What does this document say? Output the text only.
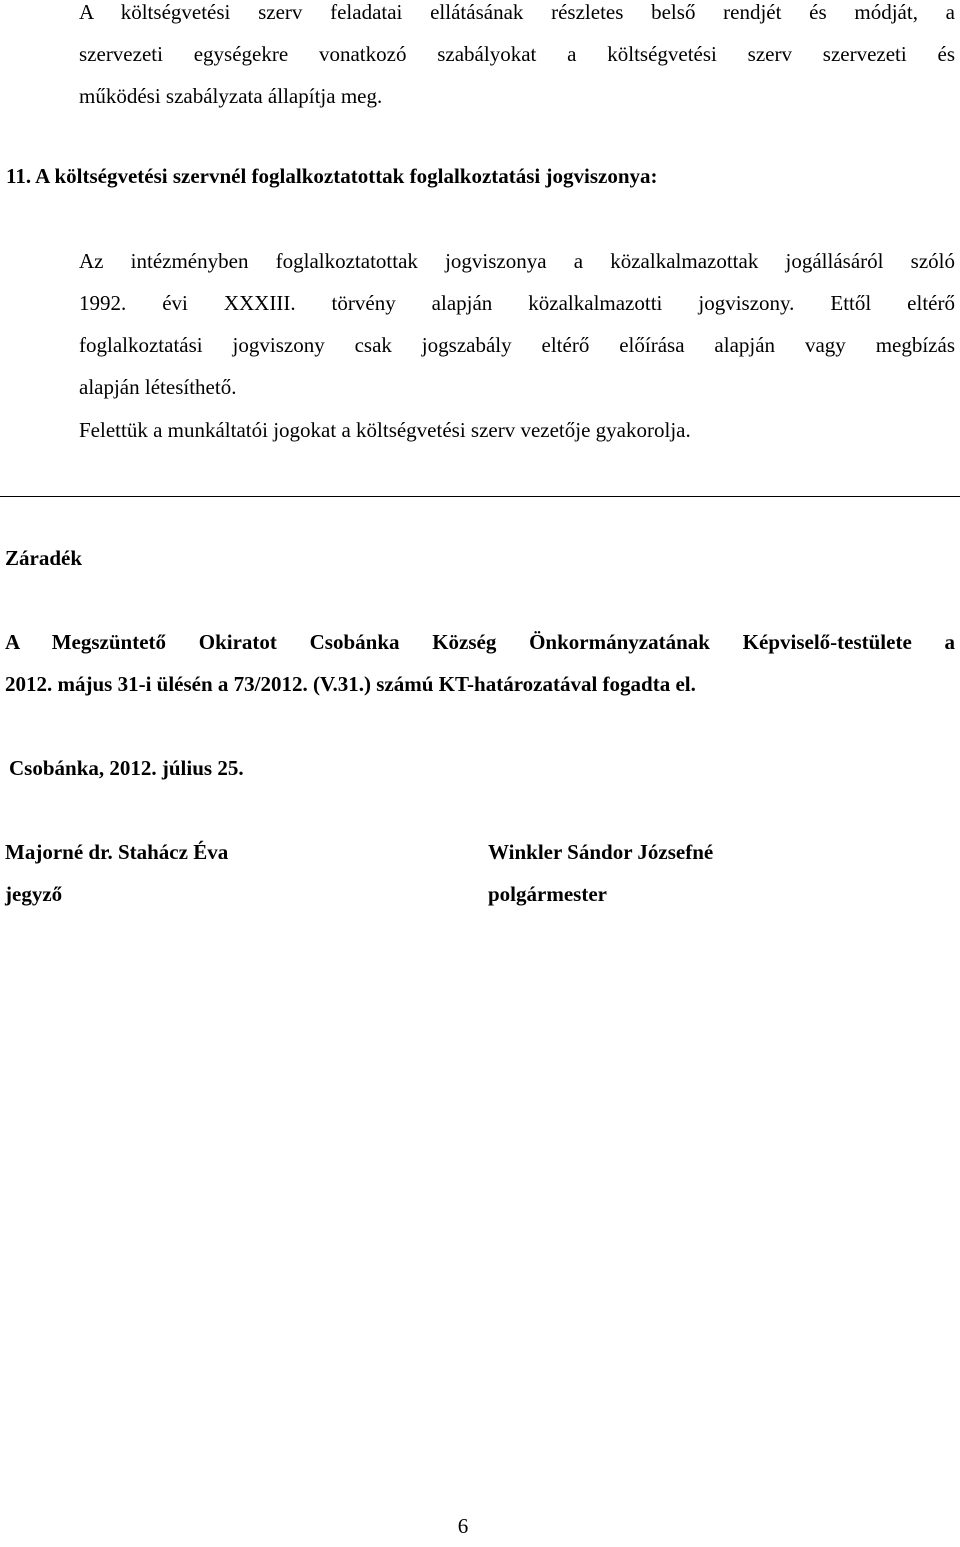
A költségvetési szerv feladatai ellátásának részletes belső rendjét és módját, a
szervezeti egységekre vonatkozó szabályokat a költségvetési szerv szervezeti és
működési szabályzata állapítja meg.
11. A költségvetési szervnél foglalkoztatottak foglalkoztatási jogviszonya:
Az intézményben foglalkoztatottak jogviszonya a közalkalmazottak jogállásáról szóló
1992. évi XXXIII. törvény alapján közalkalmazotti jogviszony. Ettől eltérő
foglalkoztatási jogviszony csak jogszabály eltérő előírása alapján vagy megbízás
alapján létesíthető.
Felettük a munkáltatói jogokat a költségvetési szerv vezetője gyakorolja.
Záradék
A Megszüntető Okiratot Csobánka Község Önkormányzatának Képviselő-testülete a
2012. május 31-i ülésén a 73/2012. (V.31.) számú KT-határozatával fogadta el.
Csobánka, 2012. július 25.
Majorné dr. Stahácz Éva
jegyző
Winkler Sándor Józsefné
polgármester
6
